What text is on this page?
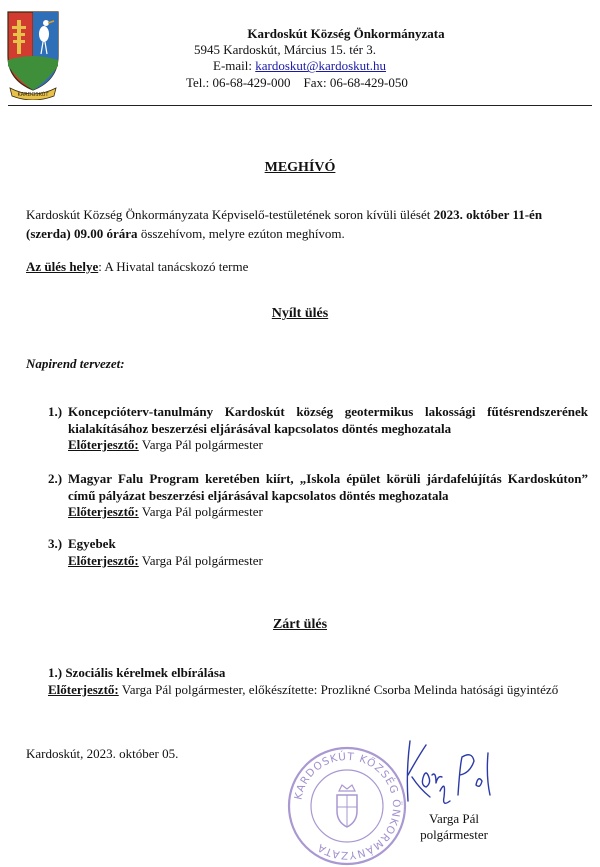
KARDOSKÚT
Kardoskút Község Önkormányzata
5945 Kardoskút, Március 15. tér 3.
E-mail: kardoskut@kardoskut.hu
Tel.: 06-68-429-000 Fax: 06-68-429-050
MEGHÍVÓ
Kardoskút Község Önkormányzata Képviselő-testületének soron kívüli ülését 2023. október 11-én (szerda) 09.00 órára összehívom, melyre ezúton meghívom.
Az ülés helye: A Hivatal tanácskozó terme
Nyílt ülés
Napirend tervezet:
1.) Koncepcióterv-tanulmány Kardoskút község geotermikus lakossági fűtésrendszerének kialakításához beszerzési eljárásával kapcsolatos döntés meghozatala
Előterjesztő: Varga Pál polgármester
2.) Magyar Falu Program keretében kiírt, „Iskola épület körüli járdafelújítás Kardoskúton” című pályázat beszerzési eljárásával kapcsolatos döntés meghozatala
Előterjesztő: Varga Pál polgármester
3.) Egyebek
Előterjesztő: Varga Pál polgármester
Zárt ülés
1.) Szociális kérelmek elbírálása
Előterjesztő: Varga Pál polgármester, előkészítette: Prozlikné Csorba Melinda hatósági ügyintéző
Kardoskút, 2023. október 05.
KARDOSKÚT KÖZSÉG ÖNKORMÁNYZATA
Varga Pál
polgármester
